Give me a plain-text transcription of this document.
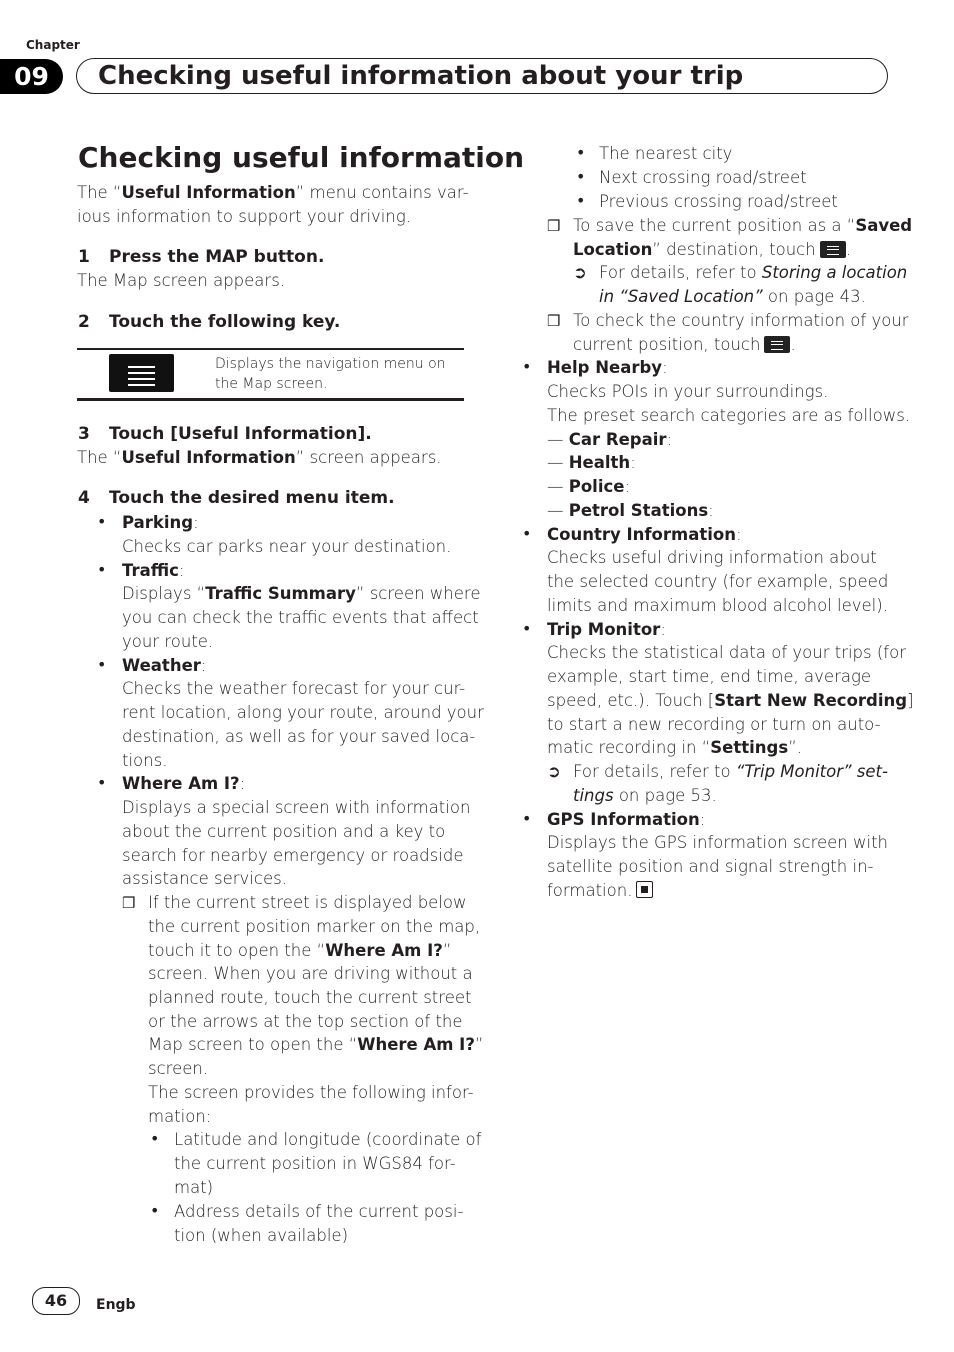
Chapter
09	Checking useful information about your trip
Checking useful information
The “Useful Information” menu contains var-
ious information to support your driving.
1 Press the MAP button.
The Map screen appears.
2 Touch the following key.
Displays the navigation menu on
the Map screen.
3 Touch [Useful Information].
The “Useful Information” screen appears.
4 Touch the desired menu item.
• Parking:
Checks car parks near your destination.
• Traffic:
Displays “Traffic Summary” screen where
you can check the traffic events that affect
your route.
• Weather:
Checks the weather forecast for your cur-
rent location, along your route, around your
destination, as well as for your saved loca-
tions.
• Where Am I?:
Displays a special screen with information
about the current position and a key to
search for nearby emergency or roadside
assistance services.
❒ If the current street is displayed below
the current position marker on the map,
touch it to open the “Where Am I?”
screen. When you are driving without a
planned route, touch the current street
or the arrows at the top section of the
Map screen to open the “Where Am I?”
screen.
The screen provides the following infor-
mation:
• Latitude and longitude (coordinate of
the current position in WGS84 for-
mat)
• Address details of the current posi-
tion (when available)
• The nearest city
• Next crossing road/street
• Previous crossing road/street
❒ To save the current position as a “Saved
Location” destination, touch .
➲ For details, refer to Storing a location
in “Saved Location” on page 43.
❒ To check the country information of your
current position, touch .
• Help Nearby:
Checks POIs in your surroundings.
The preset search categories are as follows.
— Car Repair:
— Health:
— Police:
— Petrol Stations:
• Country Information:
Checks useful driving information about
the selected country (for example, speed
limits and maximum blood alcohol level).
• Trip Monitor:
Checks the statistical data of your trips (for
example, start time, end time, average
speed, etc.). Touch [Start New Recording]
to start a new recording or turn on auto-
matic recording in “Settings”.
➲ For details, refer to “Trip Monitor” set-
tings on page 53.
• GPS Information:
Displays the GPS information screen with
satellite position and signal strength in-
formation.
46	Engb
